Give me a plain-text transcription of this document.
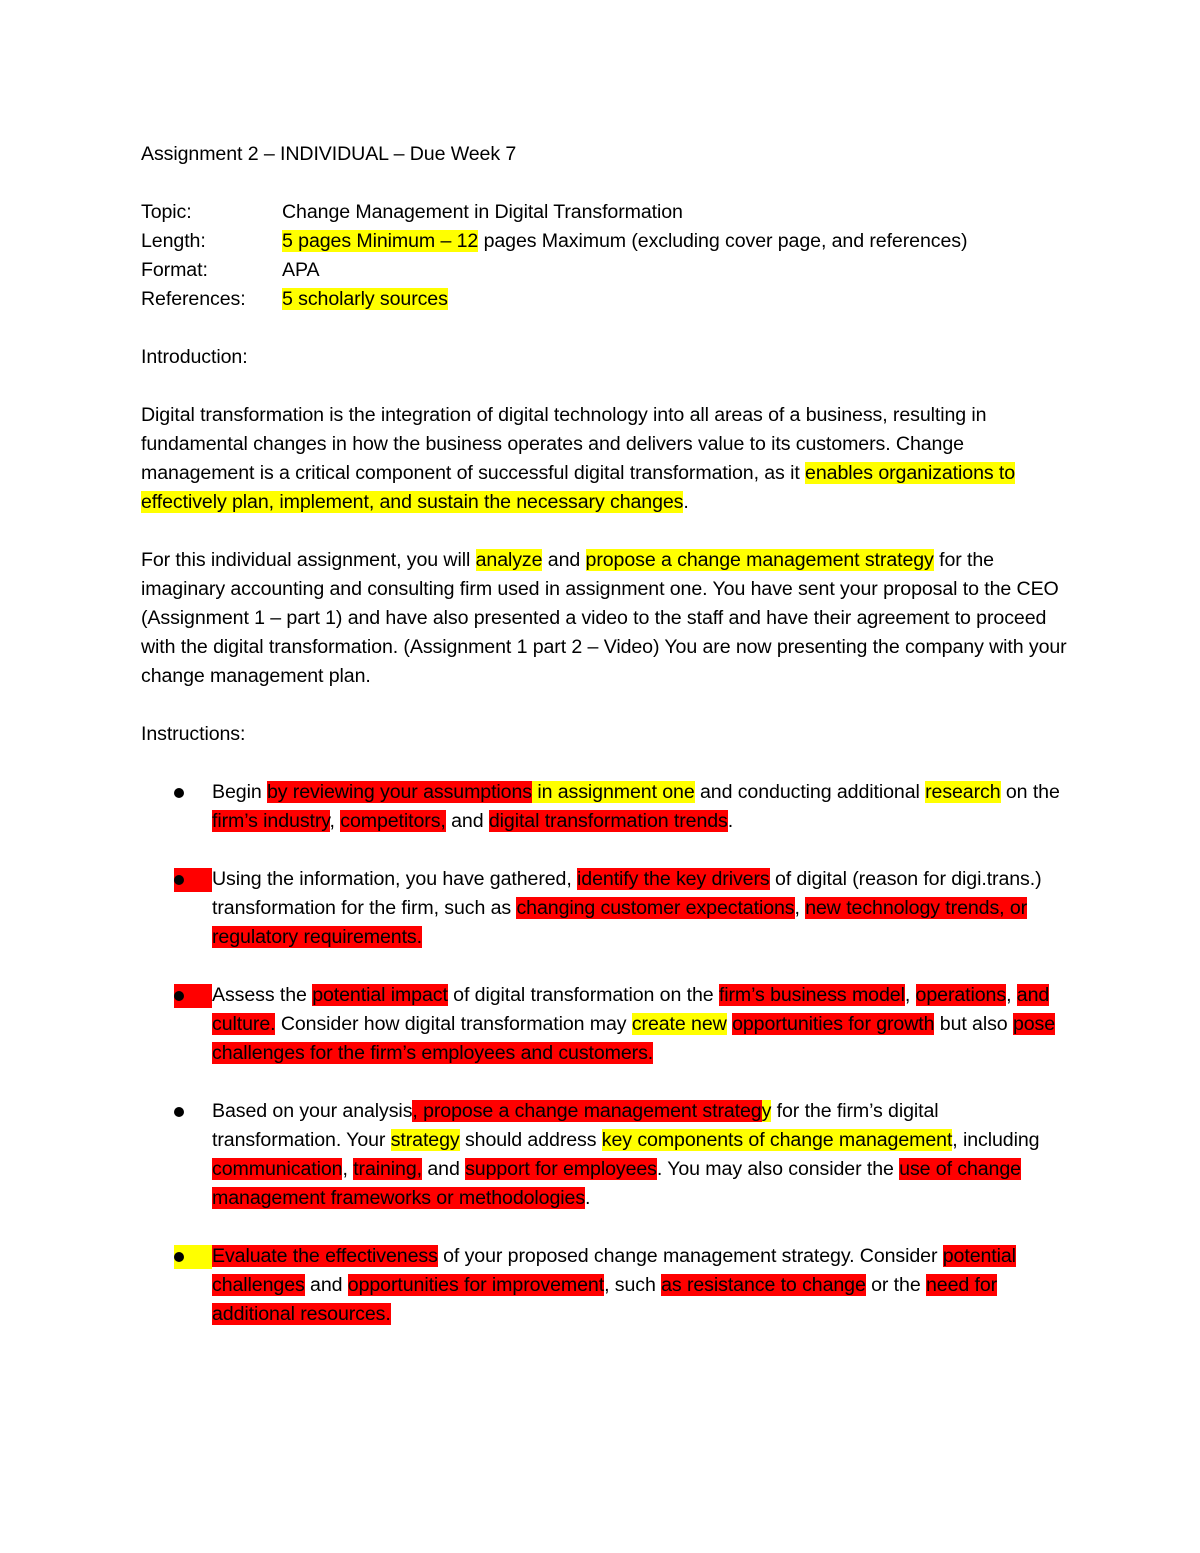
Assignment 2 – INDIVIDUAL – Due Week 7
Topic:	Change Management in Digital Transformation
Length:	5 pages Minimum – 12 pages Maximum (excluding cover page, and references)
Format:	APA
References:	5 scholarly sources
Introduction:

Digital transformation is the integration of digital technology into all areas of a business, resulting in fundamental changes in how the business operates and delivers value to its customers. Change management is a critical component of successful digital transformation, as it enables organizations to effectively plan, implement, and sustain the necessary changes.

For this individual assignment, you will analyze and propose a change management strategy for the imaginary accounting and consulting firm used in assignment one. You have sent your proposal to the CEO (Assignment 1 – part 1) and have also presented a video to the staff and have their agreement to proceed with the digital transformation. (Assignment 1 part 2 – Video) You are now presenting the company with your change management plan.

Instructions:
Begin by reviewing your assumptions in assignment one and conducting additional research on the firm’s industry, competitors, and digital transformation trends.
Using the information, you have gathered, identify the key drivers of digital (reason for digi.trans.) transformation for the firm, such as changing customer expectations, new technology trends, or regulatory requirements.
Assess the potential impact of digital transformation on the firm’s business model, operations, and culture. Consider how digital transformation may create new opportunities for growth but also pose challenges for the firm’s employees and customers.
Based on your analysis, propose a change management strategy for the firm’s digital transformation. Your strategy should address key components of change management, including communication, training, and support for employees. You may also consider the use of change management frameworks or methodologies.
Evaluate the effectiveness of your proposed change management strategy. Consider potential challenges and opportunities for improvement, such as resistance to change or the need for additional resources.
